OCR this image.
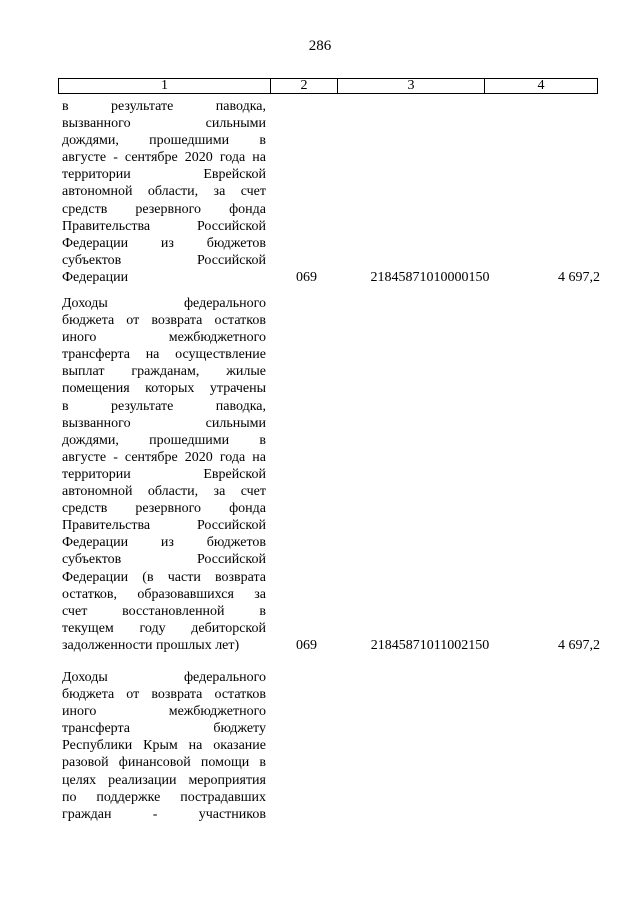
286
1	2	3	4
в результате паводка,
вызванного сильными
дождями, прошедшими в
августе - сентябре 2020 года на
территории Еврейской
автономной области, за счет
средств резервного фонда
Правительства Российской
Федерации из бюджетов
субъектов Российской
Федерации	069	21845871010000150	4 697,2
Доходы федерального
бюджета от возврата остатков
иного межбюджетного
трансферта на осуществление
выплат гражданам, жилые
помещения которых утрачены
в результате паводка,
вызванного сильными
дождями, прошедшими в
августе - сентябре 2020 года на
территории Еврейской
автономной области, за счет
средств резервного фонда
Правительства Российской
Федерации из бюджетов
субъектов Российской
Федерации (в части возврата
остатков, образовавшихся за
счет восстановленной в
текущем году дебиторской
задолженности прошлых лет)	069	21845871011002150	4 697,2
Доходы федерального
бюджета от возврата остатков
иного межбюджетного
трансферта бюджету
Республики Крым на оказание
разовой финансовой помощи в
целях реализации мероприятия
по поддержке пострадавших
граждан - участников
